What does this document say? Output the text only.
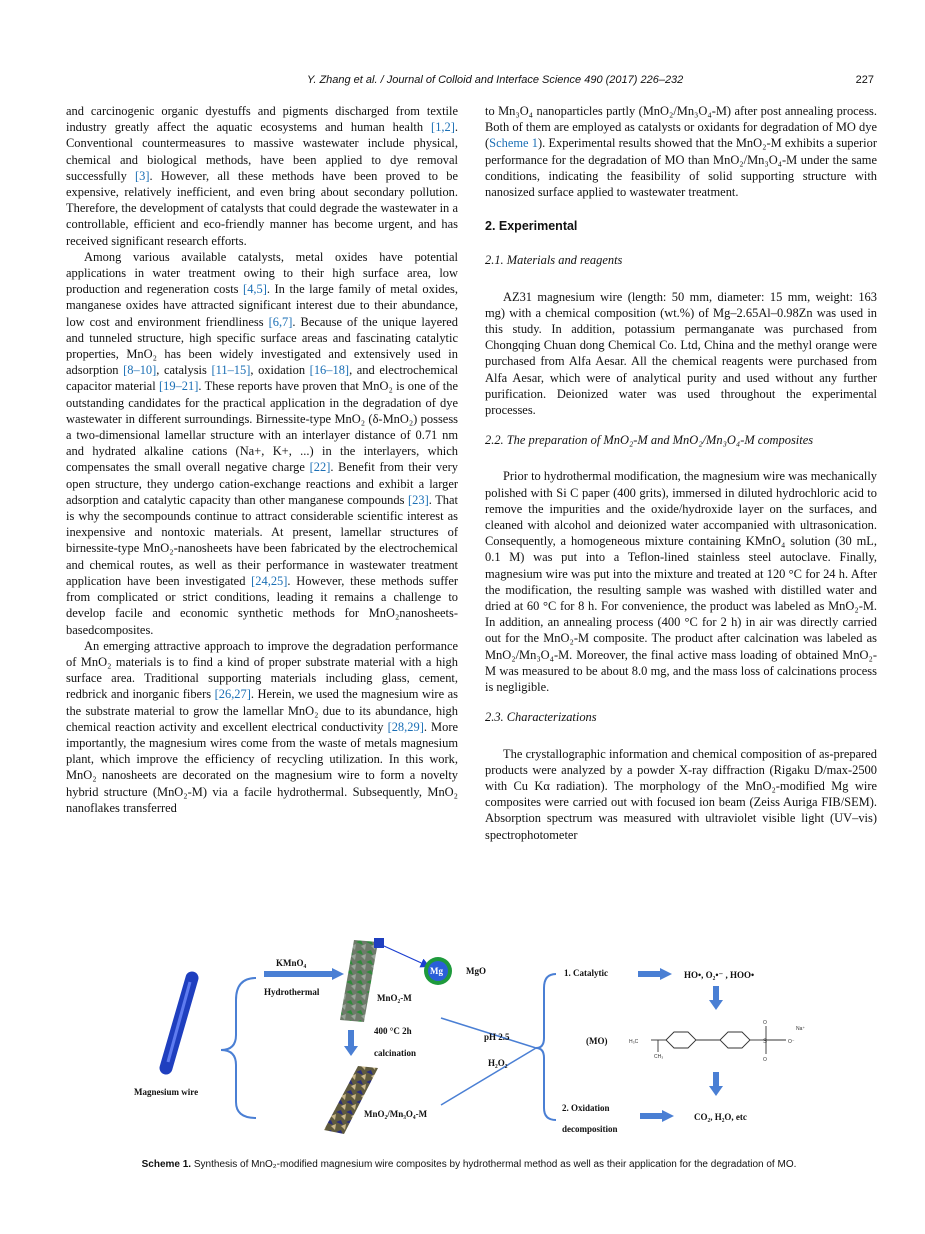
Y. Zhang et al. / Journal of Colloid and Interface Science 490 (2017) 226–232	227

and carcinogenic organic dyestuffs and pigments discharged from textile industry greatly affect the aquatic ecosystems and human health [1,2]. Conventional countermeasures to massive wastewater include physical, chemical and biological methods, have been applied to dye removal successfully [3]. However, all these methods have been proved to be expensive, relatively inefficient, and even bring about secondary pollution. Therefore, the development of catalysts that could degrade the wastewater in a controllable, efficient and eco-friendly manner has become urgent, and has received significant research efforts.

Among various available catalysts, metal oxides have potential applications in water treatment owing to their high surface area, low production and regeneration costs [4,5]. In the large family of metal oxides, manganese oxides have attracted significant interest due to their abundance, low cost and environment friendliness [6,7]. Because of the unique layered and tunneled structure, high specific surface areas and fascinating catalytic properties, MnO₂ has been widely investigated and extensively used in adsorption [8–10], catalysis [11–15], oxidation [16–18], and electrochemical capacitor material [19–21]. These reports have proven that MnO₂ is one of the outstanding candidates for the practical application in the degradation of dye wastewater in different surroundings. Birnessite-type MnO₂ (δ-MnO₂) possess a two-dimensional lamellar structure with an interlayer distance of 0.71 nm and hydrated alkaline cations (Na+, K+, ...) in the interlayers, which compensates the small overall negative charge [22]. Benefit from their very open structure, they undergo cation-exchange reactions and exhibit a larger adsorption and catalytic capacity than other manganese compounds [23]. That is why the secompounds continue to attract considerable scientific interest as inexpensive and nontoxic materials. At present, lamellar structures of birnessite-type MnO₂-nanosheets have been fabricated by the electrochemical and chemical routes, as well as their performance in wastewater treatment application have been investigated [24,25]. However, these methods suffer from complicated or strict conditions, leading it remains a challenge to develop facile and economic synthetic methods for MnO₂nanosheets-basedcomposites.

An emerging attractive approach to improve the degradation performance of MnO₂ materials is to find a kind of proper substrate material with a high surface area. Traditional supporting materials including glass, cement, redbrick and inorganic fibers [26,27]. Herein, we used the magnesium wire as the substrate material to grow the lamellar MnO₂ due to its abundance, high chemical reaction activity and excellent electrical conductivity [28,29]. More importantly, the magnesium wires come from the waste of metals magnesium plant, which improve the efficiency of recycling utilization. In this work, MnO₂ nanosheets are decorated on the magnesium wire to form a novelty hybrid structure (MnO₂-M) via a facile hydrothermal. Subsequently, MnO₂ nanoflakes transferred

to Mn₃O₄ nanoparticles partly (MnO₂/Mn₃O₄-M) after post annealing process. Both of them are employed as catalysts or oxidants for degradation of MO dye (Scheme 1). Experimental results showed that the MnO₂-M exhibits a superior performance for the degradation of MO than MnO₂/Mn₃O₄-M under the same conditions, indicating the feasibility of solid supporting structure with nanosized surface applied to wastewater treatment.

2. Experimental
2.1. Materials and reagents

AZ31 magnesium wire (length: 50 mm, diameter: 15 mm, weight: 163 mg) with a chemical composition (wt.%) of Mg–2.65Al–0.98Zn was used in this study. In addition, potassium permanganate was purchased from Chongqing Chuan dong Chemical Co. Ltd, China and the methyl orange were purchased from Alfa Aesar. All the chemical reagents were purchased from Alfa Aesar, which were of analytical purity and used without any further purification. Deionized water was used throughout the experimental processes.

2.2. The preparation of MnO₂-M and MnO₂/Mn₃O₄-M composites

Prior to hydrothermal modification, the magnesium wire was mechanically polished with Si C paper (400 grits), immersed in diluted hydrochloric acid to remove the impurities and the oxide/hydroxide layer on the surfaces, and cleaned with alcohol and deionized water accompanied with ultrasonication. Consequently, a homogeneous mixture containing KMnO₄ solution (30 mL, 0.1 M) was put into a Teflon-lined stainless steel autoclave. Finally, magnesium wire was put into the mixture and treated at 120 °C for 24 h. After the modification, the resulting sample was washed with distilled water and dried at 60 °C for 8 h. For convenience, the product was labeled as MnO₂-M. In addition, an annealing process (400 °C for 2 h) in air was directly carried out for the MnO₂-M composite. The product after calcination was labeled as MnO₂/Mn₃O₄-M. Moreover, the final active mass loading of obtained MnO₂-M was measured to be about 8.0 mg, and the mass loss of calcinations process is negligible.

2.3. Characterizations

The crystallographic information and chemical composition of as-prepared products were analyzed by a powder X-ray diffraction (Rigaku D/max-2500 with Cu Kα radiation). The morphology of the MnO₂-modified Mg wire composites were carried out with focused ion beam (Zeiss Auriga FIB/SEM). Absorption spectrum was measured with ultraviolet visible light (UV–vis) spectrophotometer

Magnesium wire
KMnO₄
Hydrothermal
MnO₂-M
Mg	MgO
400 °C 2h
calcination
MnO₂/Mn₃O₄-M
pH 2.5
H₂O₂
1. Catalytic	HO•, O₂•⁻ , HOO•
(MO)	H₃C
CH₃
S
O
O
O⁻
Na⁺
2. Oxidation
decomposition
CO₂, H₂O, etc
Scheme 1. Synthesis of MnO₂-modified magnesium wire composites by hydrothermal method as well as their application for the degradation of MO.
